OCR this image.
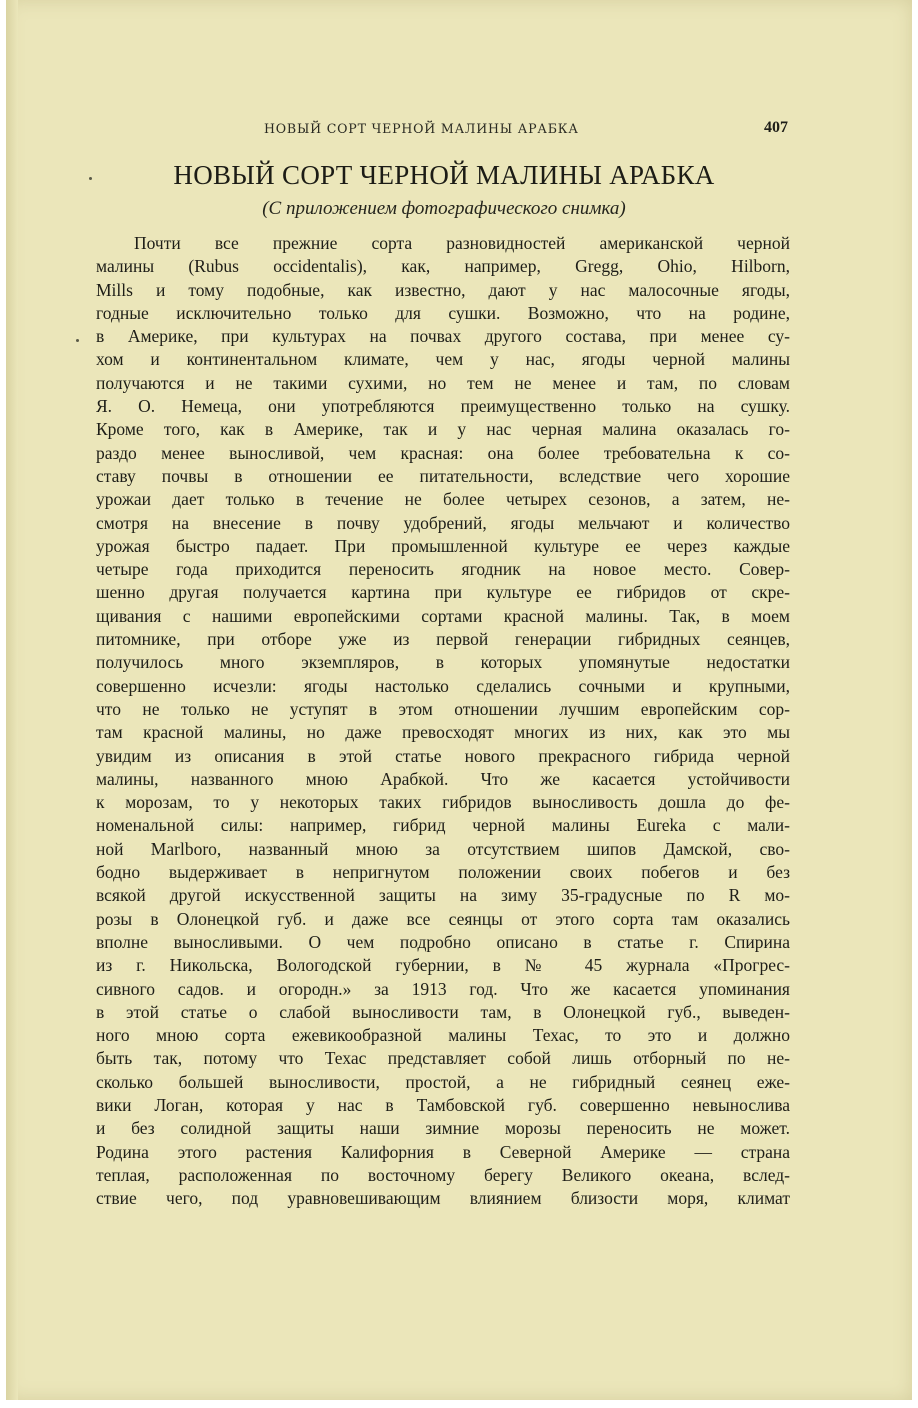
НОВЫЙ СОРТ ЧЕРНОЙ МАЛИНЫ АРАБКА	407
НОВЫЙ СОРТ ЧЕРНОЙ МАЛИНЫ АРАБКА
(С приложением фотографического снимка)
Почти все прежние сорта разновидностей американской черной
малины (Rubus occidentalis), как, например, Gregg, Ohio, Hilborn,
Mills и тому подобные, как известно, дают у нас малосочные ягоды,
годные исключительно только для сушки. Возможно, что на родине,
в Америке, при культурах на почвах другого состава, при менее су-
хом и континентальном климате, чем у нас, ягоды черной малины
получаются и не такими сухими, но тем не менее и там, по словам
Я. О. Немеца, они употребляются преимущественно только на сушку.
Кроме того, как в Америке, так и у нас черная малина оказалась го-
раздо менее выносливой, чем красная: она более требовательна к со-
ставу почвы в отношении ее питательности, вследствие чего хорошие
урожаи дает только в течение не более четырех сезонов, а затем, не-
смотря на внесение в почву удобрений, ягоды мельчают и количество
урожая быстро падает. При промышленной культуре ее через каждые
четыре года приходится переносить ягодник на новое место. Совер-
шенно другая получается картина при культуре ее гибридов от скре-
щивания с нашими европейскими сортами красной малины. Так, в моем
питомнике, при отборе уже из первой генерации гибридных сеянцев,
получилось много экземпляров, в которых упомянутые недостатки
совершенно исчезли: ягоды настолько сделались сочными и крупными,
что не только не уступят в этом отношении лучшим европейским сор-
там красной малины, но даже превосходят многих из них, как это мы
увидим из описания в этой статье нового прекрасного гибрида черной
малины, названного мною Арабкой. Что же касается устойчивости
к морозам, то у некоторых таких гибридов выносливость дошла до фе-
номенальной силы: например, гибрид черной малины Eureka с мали-
ной Marlboro, названный мною за отсутствием шипов Дамской, сво-
бодно выдерживает в непригнутом положении своих побегов и без
всякой другой искусственной защиты на зиму 35-градусные по R мо-
розы в Олонецкой губ. и даже все сеянцы от этого сорта там оказались
вполне выносливыми. О чем подробно описано в статье г. Спирина
из г. Никольска, Вологодской губернии, в № 45 журнала «Прогрес-
сивного садов. и огородн.» за 1913 год. Что же касается упоминания
в этой статье о слабой выносливости там, в Олонецкой губ., выведен-
ного мною сорта ежевикообразной малины Техас, то это и должно
быть так, потому что Техас представляет собой лишь отборный по не-
сколько большей выносливости, простой, а не гибридный сеянец еже-
вики Логан, которая у нас в Тамбовской губ. совершенно невынослива
и без солидной защиты наши зимние морозы переносить не может.
Родина этого растения Калифорния в Северной Америке — страна
теплая, расположенная по восточному берегу Великого океана, вслед-
ствие чего, под уравновешивающим влиянием близости моря, климат
